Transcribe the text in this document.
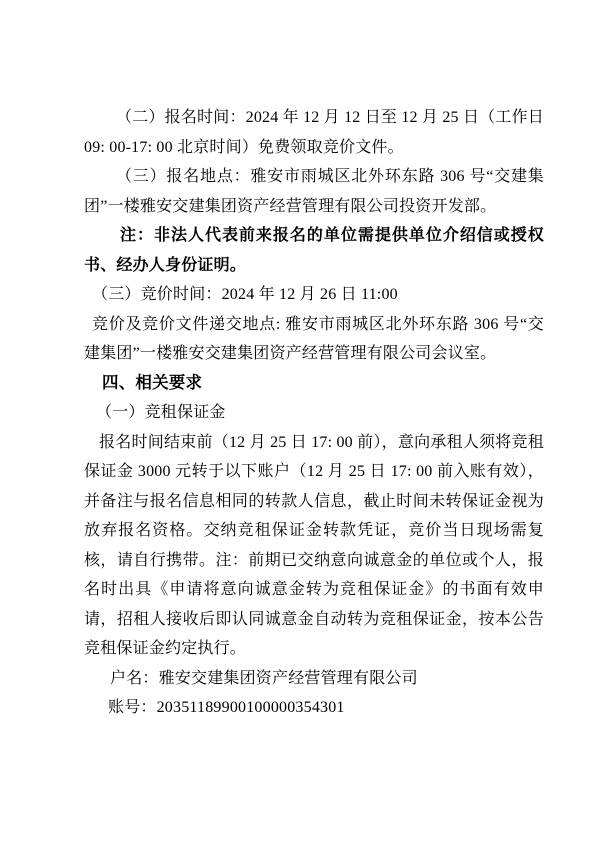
（二）报名时间：2024 年 12 月 12 日至 12 月 25 日（工作日 09: 00-17: 00 北京时间）免费领取竞价文件。

（三）报名地点：雅安市雨城区北外环东路 306 号“交建集团”一楼雅安交建集团资产经营管理有限公司投资开发部。

注：非法人代表前来报名的单位需提供单位介绍信或授权书、经办人身份证明。

（三）竞价时间：2024 年 12 月 26 日 11:00

竞价及竞价文件递交地点: 雅安市雨城区北外环东路 306 号“交建集团”一楼雅安交建集团资产经营管理有限公司会议室。

四、相关要求

（一）竞租保证金

报名时间结束前（12 月 25 日 17: 00 前），意向承租人须将竞租保证金 3000 元转于以下账户（12 月 25 日 17: 00 前入账有效），并备注与报名信息相同的转款人信息，截止时间未转保证金视为放弃报名资格。交纳竞租保证金转款凭证，竞价当日现场需复核，请自行携带。注：前期已交纳意向诚意金的单位或个人，报名时出具《申请将意向诚意金转为竞租保证金》的书面有效申请，招租人接收后即认同诚意金自动转为竞租保证金，按本公告竞租保证金约定执行。

户名：雅安交建集团资产经营管理有限公司

账号：20351189900100000354301
